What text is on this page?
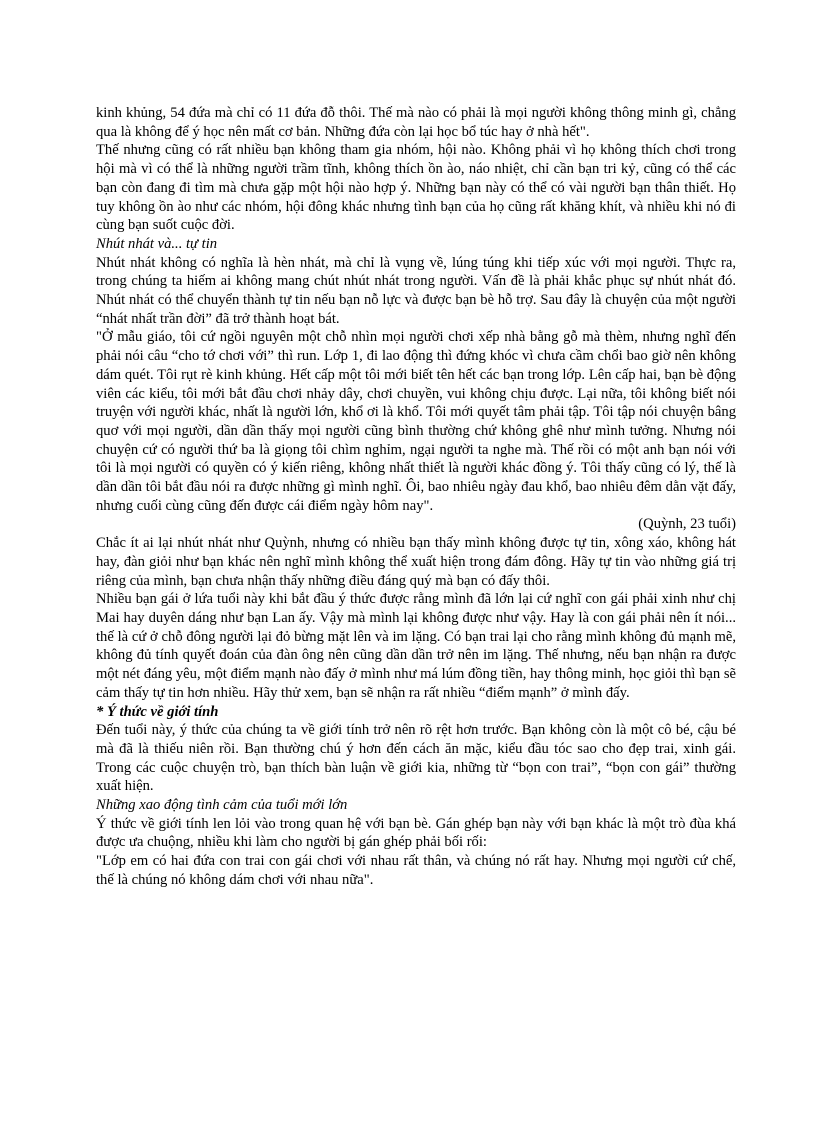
kinh khủng, 54 đứa mà chỉ có 11 đứa đỗ thôi. Thế mà nào có phải là mọi người không thông minh gì, chẳng qua là không để ý học nên mất cơ bản. Những đứa còn lại học bổ túc hay ở nhà hết".

Thế nhưng cũng có rất nhiều bạn không tham gia nhóm, hội nào. Không phải vì họ không thích chơi trong hội mà vì có thể là những người trầm tĩnh, không thích ồn ào, náo nhiệt, chỉ cần bạn tri kỷ, cũng có thể các bạn còn đang đi tìm mà chưa gặp một hội nào hợp ý. Những bạn này có thể có vài người bạn thân thiết. Họ tuy không ồn ào như các nhóm, hội đông khác nhưng tình bạn của họ cũng rất khăng khít, và nhiều khi nó đi cùng bạn suốt cuộc đời.

Nhút nhát và... tự tin

Nhút nhát không có nghĩa là hèn nhát, mà chỉ là vụng về, lúng túng khi tiếp xúc với mọi người. Thực ra, trong chúng ta hiếm ai không mang chút nhút nhát trong người. Vấn đề là phải khắc phục sự nhút nhát đó. Nhút nhát có thể chuyển thành tự tin nếu bạn nỗ lực và được bạn bè hỗ trợ. Sau đây là chuyện của một người “nhát nhất trần đời” đã trở thành hoạt bát.

"Ở mẫu giáo, tôi cứ ngồi nguyên một chỗ nhìn mọi người chơi xếp nhà bằng gỗ mà thèm, nhưng nghĩ đến phải nói câu “cho tớ chơi với” thì run. Lớp 1, đi lao động thì đứng khóc vì chưa cầm chổi bao giờ nên không dám quét. Tôi rụt rè kinh khủng. Hết cấp một tôi mới biết tên hết các bạn trong lớp. Lên cấp hai, bạn bè động viên các kiểu, tôi mới bắt đầu chơi nhảy dây, chơi chuyền, vui không chịu được. Lại nữa, tôi không biết nói truyện với người khác, nhất là người lớn, khổ ơi là khổ. Tôi mới quyết tâm phải tập. Tôi tập nói chuyện bâng quơ với mọi người, dần dần thấy mọi người cũng bình thường chứ không ghê như mình tưởng. Nhưng nói chuyện cứ có người thứ ba là giọng tôi chìm nghỉm, ngại người ta nghe mà. Thế rồi có một anh bạn nói với tôi là mọi người có quyền có ý kiến riêng, không nhất thiết là người khác đồng ý. Tôi thấy cũng có lý, thế là dần dần tôi bắt đầu nói ra được những gì mình nghĩ. Ôi, bao nhiêu ngày đau khổ, bao nhiêu đêm dằn vặt đấy, nhưng cuối cùng cũng đến được cái điểm ngày hôm nay".

(Quỳnh, 23 tuổi)

Chắc ít ai lại nhút nhát như Quỳnh, nhưng có nhiều bạn thấy mình không được tự tin, xông xáo, không hát hay, đàn giỏi như bạn khác nên nghĩ mình không thể xuất hiện trong đám đông. Hãy tự tin vào những giá trị riêng của mình, bạn chưa nhận thấy những điều đáng quý mà bạn có đấy thôi.

Nhiều bạn gái ở lứa tuổi này khi bắt đầu ý thức được rằng mình đã lớn lại cứ nghĩ con gái phải xinh như chị Mai hay duyên dáng như bạn Lan ấy. Vậy mà mình lại không được như vậy. Hay là con gái phải nên ít nói... thế là cứ ở chỗ đông người lại đỏ bừng mặt lên và im lặng. Có bạn trai lại cho rằng mình không đủ mạnh mẽ, không đủ tính quyết đoán của đàn ông nên cũng dần dần trở nên im lặng. Thế nhưng, nếu bạn nhận ra được một nét đáng yêu, một điểm mạnh nào đấy ở mình như má lúm đồng tiền, hay thông minh, học giỏi thì bạn sẽ cảm thấy tự tin hơn nhiều. Hãy thử xem, bạn sẽ nhận ra rất nhiều “điểm mạnh” ở mình đấy.

* Ý thức về giới tính

Đến tuổi này, ý thức của chúng ta về giới tính trở nên rõ rệt hơn trước. Bạn không còn là một cô bé, cậu bé mà đã là thiếu niên rồi. Bạn thường chú ý hơn đến cách ăn mặc, kiểu đầu tóc sao cho đẹp trai, xinh gái. Trong các cuộc chuyện trò, bạn thích bàn luận về giới kia, những từ “bọn con trai”, “bọn con gái” thường xuất hiện.

Những xao động tình cảm của tuổi mới lớn

Ý thức về giới tính len lỏi vào trong quan hệ với bạn bè. Gán ghép bạn này với bạn khác là một trò đùa khá được ưa chuộng, nhiều khi làm cho người bị gán ghép phải bối rối:

"Lớp em có hai đứa con trai con gái chơi với nhau rất thân, và chúng nó rất hay. Nhưng mọi người cứ chế, thế là chúng nó không dám chơi với nhau nữa".
